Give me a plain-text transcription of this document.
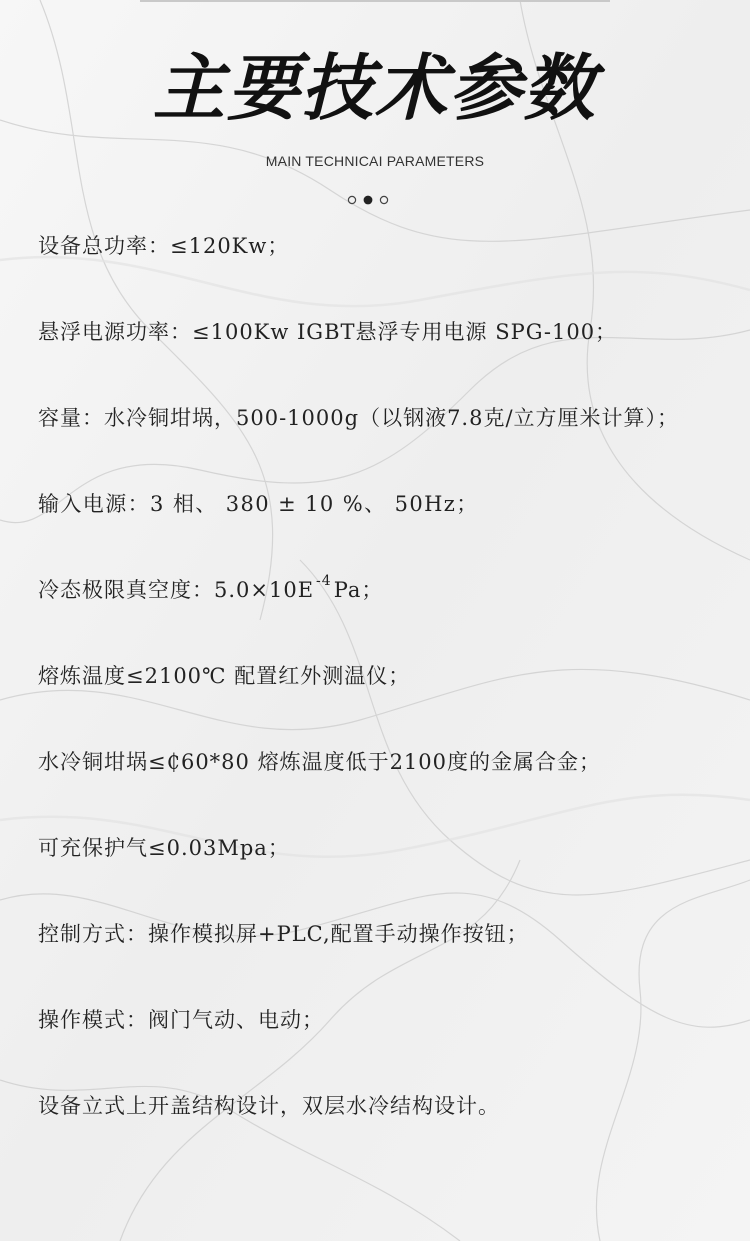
主要技术参数
MAIN TECHNICAI PARAMETERS
设备总功率：≤120Kw；
悬浮电源功率：≤100Kw IGBT悬浮专用电源 SPG-100；
容量：水冷铜坩埚，500-1000g（以钢液7.8克/立方厘米计算）；
输入电源：3 相、 380 ± 10 %、 50Hz；
冷态极限真空度：5.0×10E $^{-4}$Pa；
熔炼温度≤2100℃ 配置红外测温仪；
水冷铜坩埚≤₵60*80 熔炼温度低于2100度的金属合金；
可充保护气≤0.03Mpa；
控制方式：操作模拟屏+PLC,配置手动操作按钮；
操作模式：阀门气动、电动；
设备立式上开盖结构设计，双层水冷结构设计。
